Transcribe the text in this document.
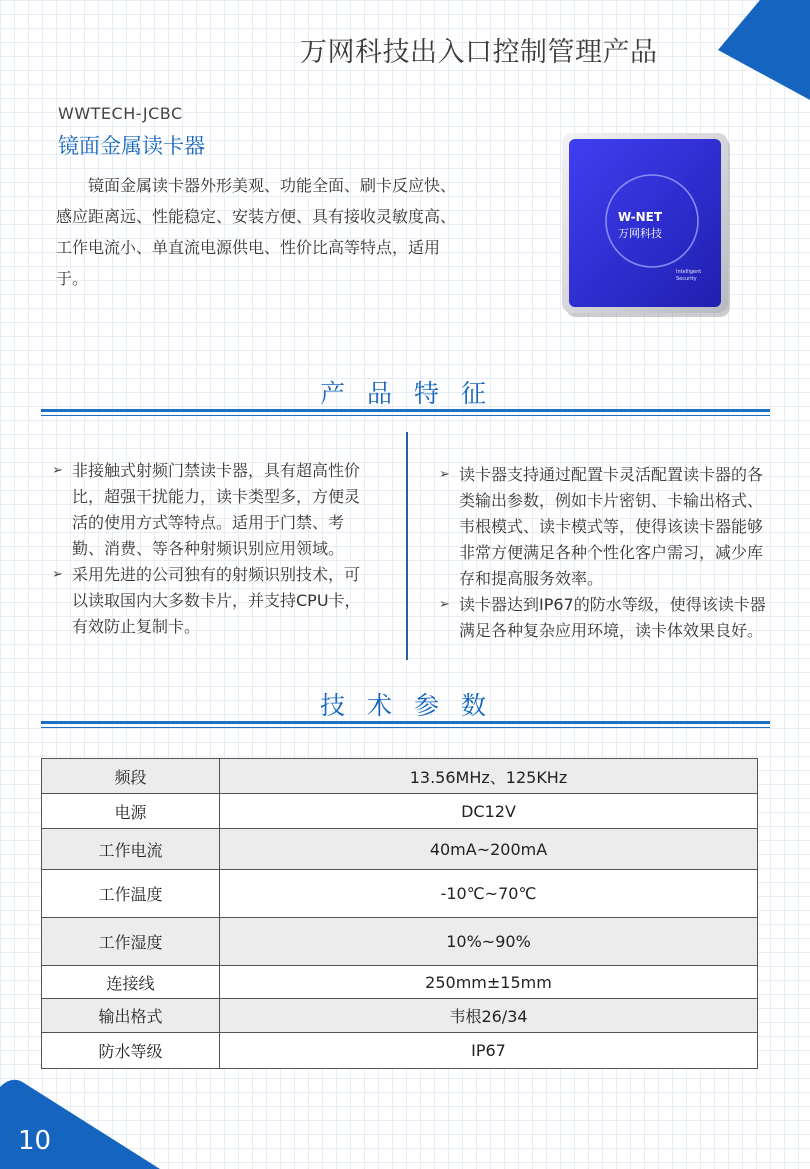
万网科技出入口控制管理产品
WWTECH-JCBC
镜面金属读卡器
镜面金属读卡器外形美观、功能全面、刷卡反应快、感应距离远、性能稳定、安装方便、具有接收灵敏度高、工作电流小、单直流电源供电、性价比高等特点，适用于。
W-NET
万网科技
Intelligent
Security
产品特征

➢ 非接触式射频门禁读卡器，具有超高性价比，超强干扰能力，读卡类型多，方便灵活的使用方式等特点。适用于门禁、考勤、消费、等各种射频识别应用领域。

➢ 采用先进的公司独有的射频识别技术，可以读取国内大多数卡片，并支持CPU卡，有效防止复制卡。

➢ 读卡器支持通过配置卡灵活配置读卡器的各类输出参数，例如卡片密钥、卡输出格式、韦根模式、读卡模式等，使得该读卡器能够非常方便满足各种个性化客户需习，减少库存和提高服务效率。

➢ 读卡器达到IP67的防水等级，使得该读卡器满足各种复杂应用环境，读卡体效果良好。

技术参数
频段	13.56MHz、125KHz
电源	DC12V
工作电流	40mA~200mA
工作温度	-10℃~70℃
工作湿度	10%~90%
连接线	250mm±15mm
输出格式	韦根26/34
防水等级	IP67
10
